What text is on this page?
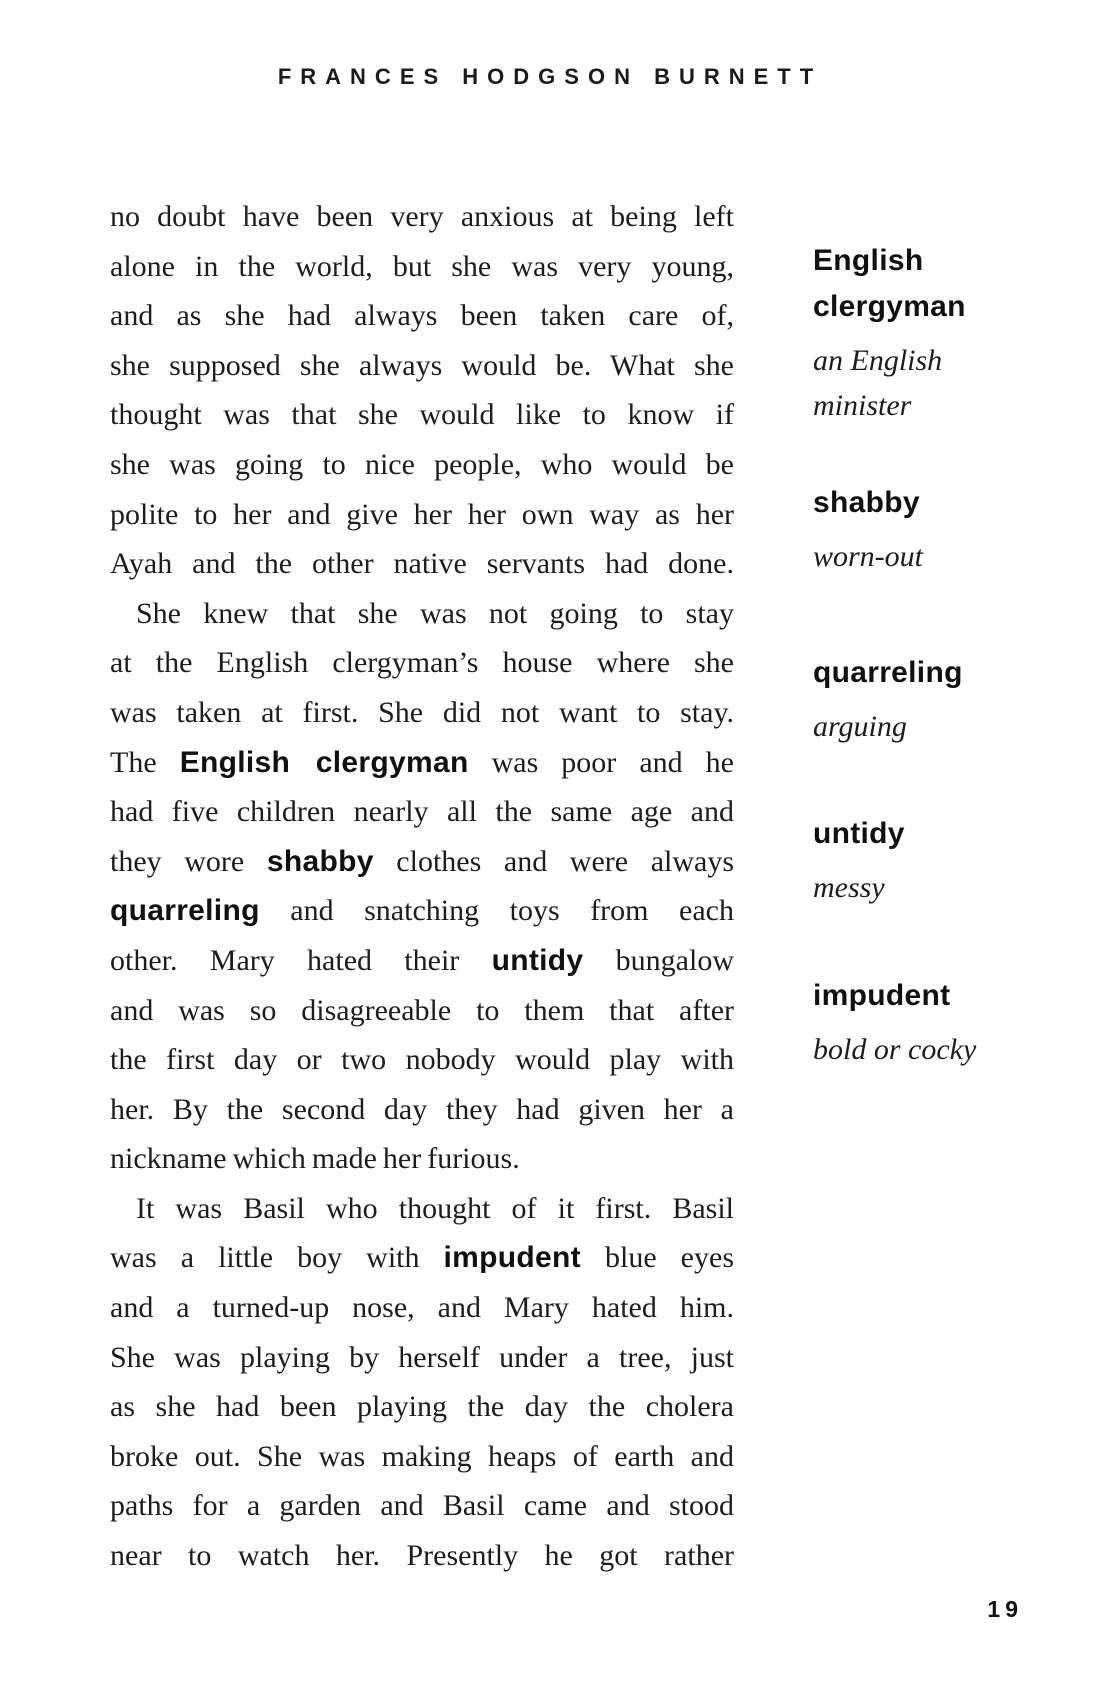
FRANCES HODGSON BURNETT
no doubt have been very anxious at being left
alone in the world, but she was very young,
and as she had always been taken care of,
she supposed she always would be. What she
thought was that she would like to know if
she was going to nice people, who would be
polite to her and give her her own way as her
Ayah and the other native servants had done.
She knew that she was not going to stay
at the English clergyman’s house where she
was taken at first. She did not want to stay.
The English clergyman was poor and he
had five children nearly all the same age and
they wore shabby clothes and were always
quarreling and snatching toys from each
other. Mary hated their untidy bungalow
and was so disagreeable to them that after
the first day or two nobody would play with
her. By the second day they had given her a
nickname which made her furious.
It was Basil who thought of it first. Basil
was a little boy with impudent blue eyes
and a turned-up nose, and Mary hated him.
She was playing by herself under a tree, just
as she had been playing the day the cholera
broke out. She was making heaps of earth and
paths for a garden and Basil came and stood
near to watch her. Presently he got rather
English clergyman
an English minister
shabby
worn-out
quarreling
arguing
untidy
messy
impudent
bold or cocky
19
